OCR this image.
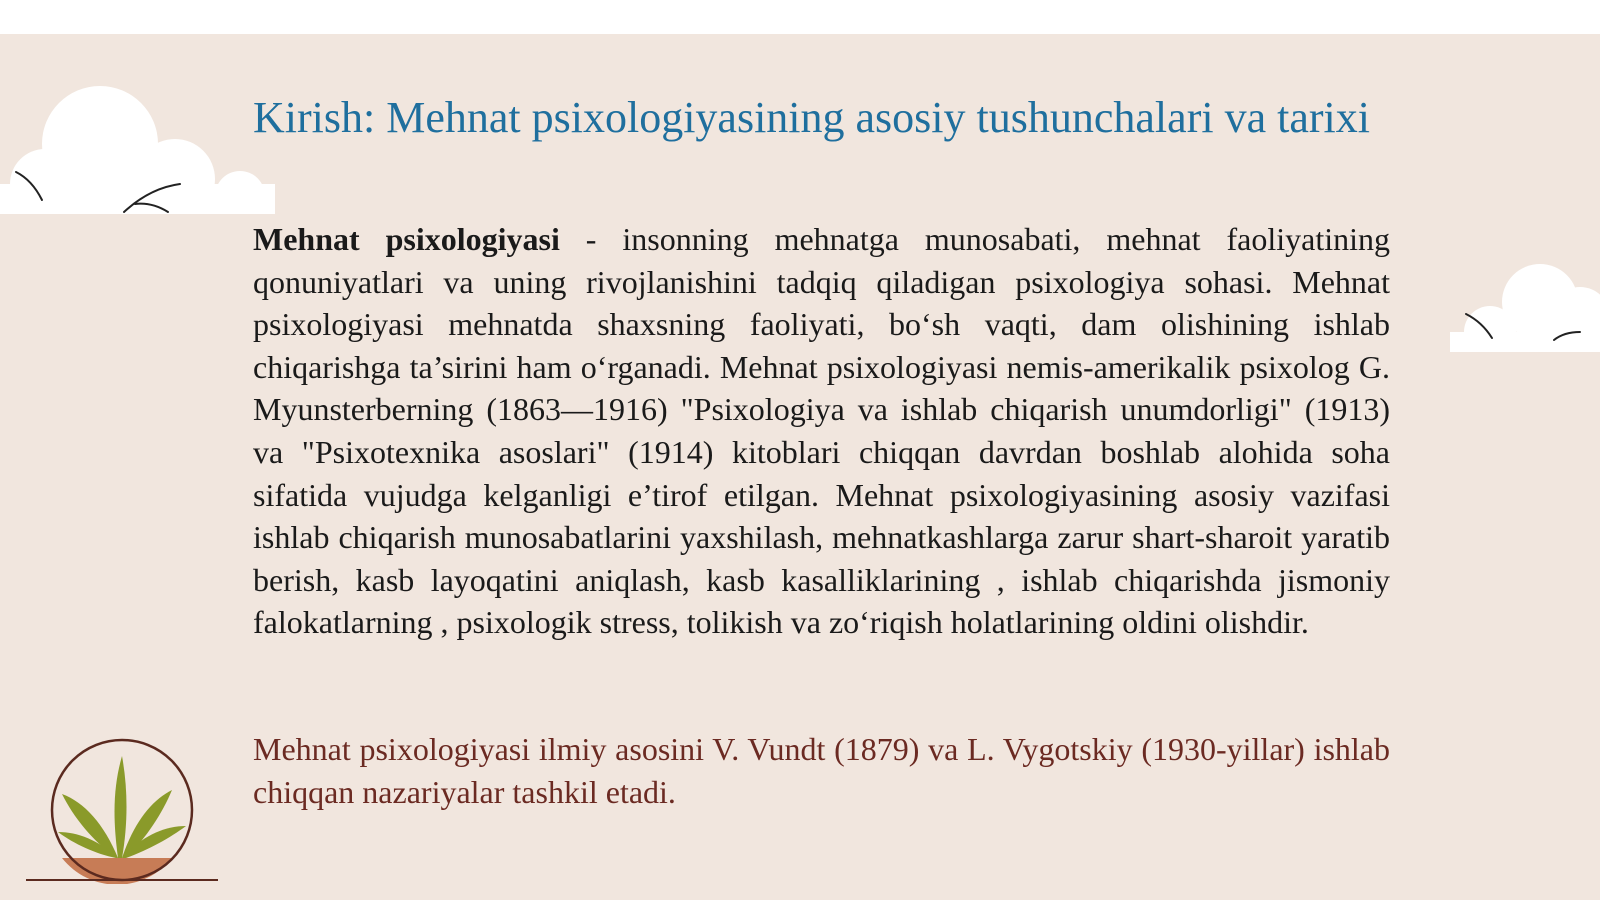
Kirish: Mehnat psixologiyasining asosiy tushunchalari va tarixi

Mehnat psixologiyasi - insonning mehnatga munosabati, mehnat faoliyatining qonuniyatlari va uning rivojlanishini tadqiq qiladigan psixologiya sohasi. Mehnat psixologiyasi mehnatda shaxsning faoliyati, bo‘sh vaqti, dam olishining ishlab chiqarishga ta’sirini ham o‘rganadi. Mehnat psixologiyasi nemis-amerikalik psixolog G. Myunsterberning (1863—1916) "Psixologiya va ishlab chiqarish unumdorligi" (1913) va "Psixotexnika asoslari" (1914) kitoblari chiqqan davrdan boshlab alohida soha sifatida vujudga kelganligi e’tirof etilgan. Mehnat psixologiyasining asosiy vazifasi ishlab chiqarish munosabatlarini yaxshilash, mehnatkashlarga zarur shart-sharoit yaratib berish, kasb layoqatini aniqlash, kasb kasalliklarining , ishlab chiqarishda jismoniy falokatlarning , psixologik stress, tolikish va zo‘riqish holatlarining oldini olishdir.

Mehnat psixologiyasi ilmiy asosini V. Vundt (1879) va L. Vygotskiy (1930-yillar) ishlab chiqqan nazariyalar tashkil etadi.
